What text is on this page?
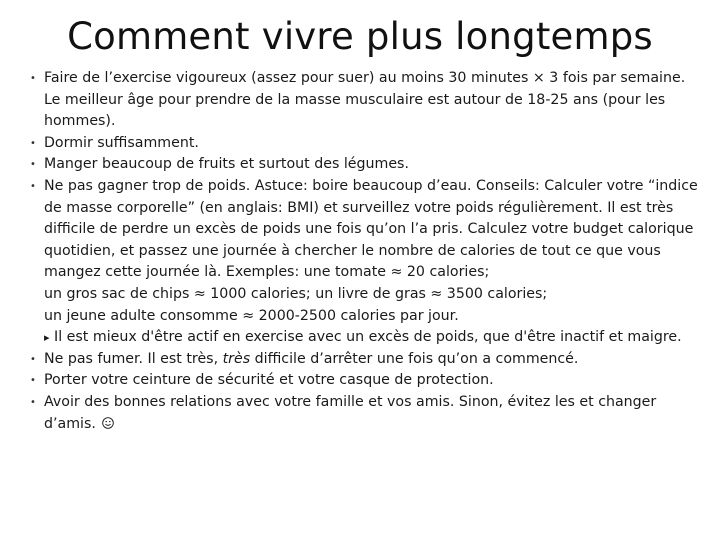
Comment vivre plus longtemps
• Faire de l’exercise vigoureux (assez pour suer) au moins 30 minutes × 3 fois par semaine. Le meilleur âge pour prendre de la masse musculaire est autour de 18-25 ans (pour les hommes).
• Dormir suffisamment.
• Manger beaucoup de fruits et surtout des légumes.
• Ne pas gagner trop de poids. Astuce: boire beaucoup d’eau. Conseils: Calculer votre “indice de masse corporelle” (en anglais: BMI) et surveillez votre poids régulièrement. Il est très difficile de perdre un excès de poids une fois qu’on l’a pris. Calculez votre budget calorique quotidien, et passez une journée à chercher le nombre de calories de tout ce que vous mangez cette journée là. Exemples: une tomate ≈ 20 calories;
un gros sac de chips ≈ 1000 calories; un livre de gras ≈ 3500 calories;
un jeune adulte consomme ≈ 2000-2500 calories par jour.
▸ Il est mieux d'être actif en exercise avec un excès de poids, que d'être inactif et maigre.
• Ne pas fumer. Il est très, très difficile d’arrêter une fois qu’on a commencé.
• Porter votre ceinture de sécurité et votre casque de protection.
• Avoir des bonnes relations avec votre famille et vos amis. Sinon, évitez les et changer d’amis.
